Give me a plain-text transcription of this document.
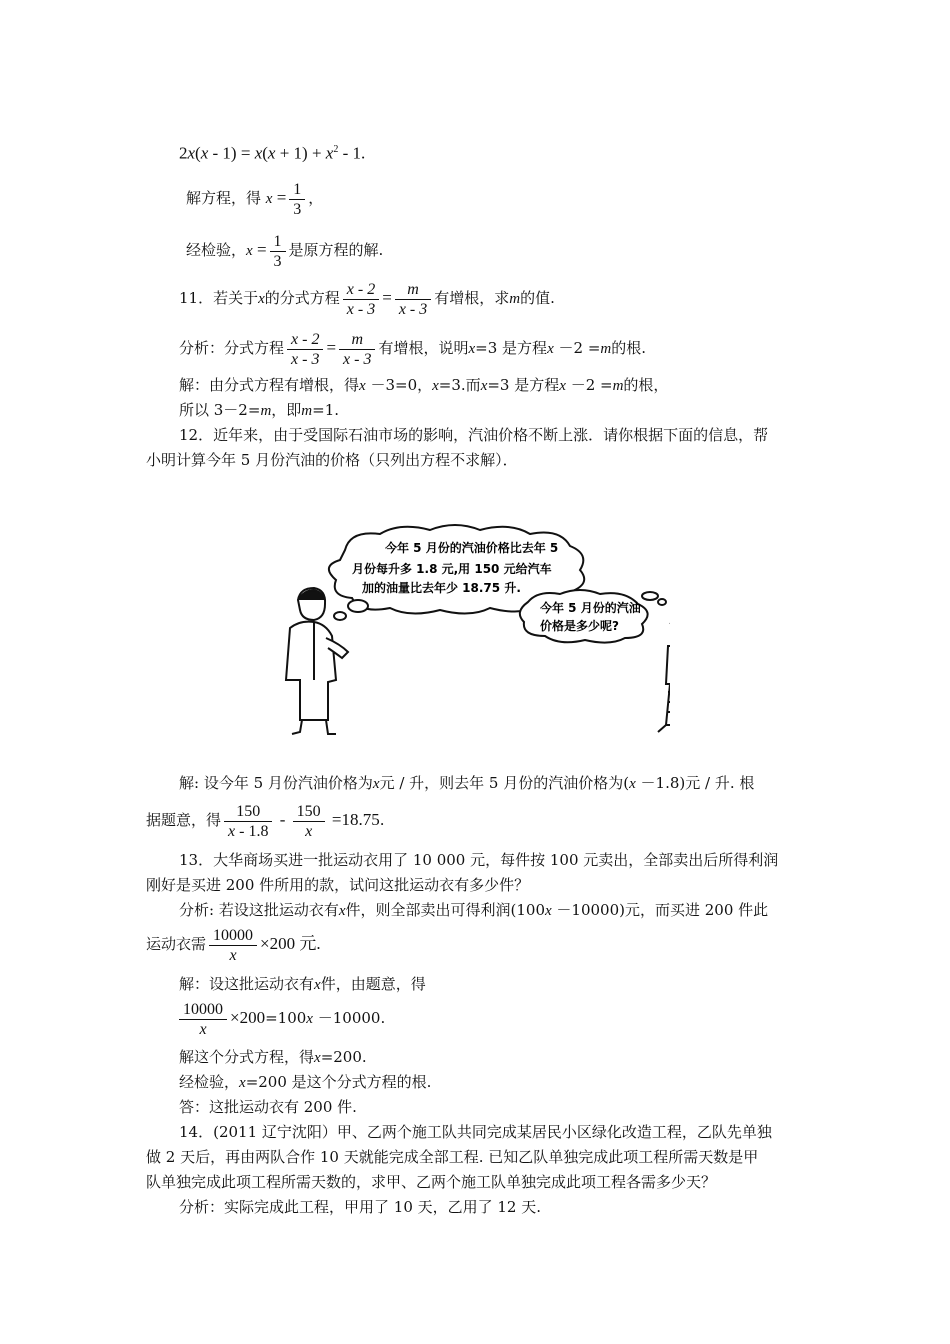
$2x(x - 1) = x(x + 1) + x^2 - 1$.
解方程，得 $x = \frac{1}{3}$ ，
经检验，$x = \frac{1}{3}$ 是原方程的解.
11．若关于x的分式方程 $\frac{x - 2}{x - 3} = \frac{m}{x - 3}$ 有增根，求m的值.
分析：分式方程 $\frac{x - 2}{x - 3} = \frac{m}{x - 3}$ 有增根，说明x=3 是方程x －2 =m的根.
解：由分式方程有增根，得x －3=0，x=3.而x=3 是方程x －2 =m的根，
所以 3－2=m，即m=1.
12．近年来，由于受国际石油市场的影响，汽油价格不断上涨．请你根据下面的信息，帮
小明计算今年 5 月份汽油的价格（只列出方程不求解）．
今年 5 月份的汽油价格比去年 5
月份每升多 1.8 元,用 150 元给汽车
加的油量比去年少 18.75 升.
今年 5 月份的汽油
价格是多少呢?
解: 设今年 5 月份汽油价格为x元 / 升，则去年 5 月份的汽油价格为(x －1.8)元 / 升. 根
据题意，得 $\frac{150}{x - 1.8} - \frac{150}{x} =18.75$.
13．大华商场买进一批运动衣用了 10 000 元，每件按 100 元卖出，全部卖出后所得利润
刚好是买进 200 件所用的款，试问这批运动衣有多少件？
分析: 若设这批运动衣有x件，则全部卖出可得利润(100x －10000)元，而买进 200 件此
运动衣需 $\frac{10000}{x} \times 200$ 元.
解：设这批运动衣有x件，由题意，得
$\frac{10000}{x} \times 200=100x -10000$.
解这个分式方程，得x=200.
经检验，x=200 是这个分式方程的根.
答：这批运动衣有 200 件.
14．(2011 辽宁沈阳）甲、乙两个施工队共同完成某居民小区绿化改造工程，乙队先单独
做 2 天后，再由两队合作 10 天就能完成全部工程. 已知乙队单独完成此项工程所需天数是甲
队单独完成此项工程所需天数的，求甲、乙两个施工队单独完成此项工程各需多少天？
分析：实际完成此工程，甲用了 10 天，乙用了 12 天.
